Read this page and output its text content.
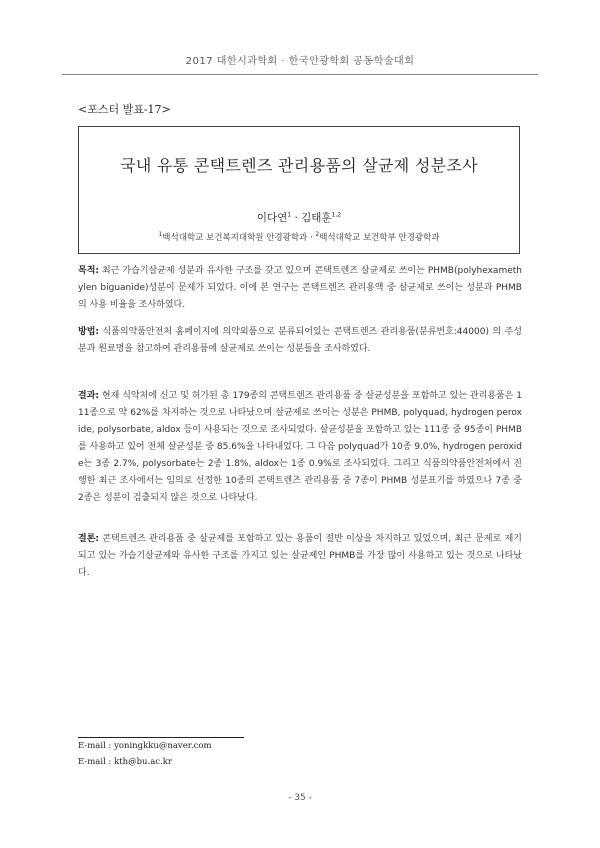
2017 대한시과학회 · 한국안광학회 공동학술대회
<포스터 발표-17>
국내 유통 콘택트렌즈 관리용품의 살균제 성분조사
이다연$^1$ · 김태훈$^{1,2}$
$^1$백석대학교 보건복지대학원 안경광학과 · $^2$백석대학교 보건학부 안경광학과

목적: 최근 가습기살균제 성분과 유사한 구조를 갖고 있으며 콘택트렌즈 살균제로 쓰이는 PHMB(polyhexamethylen biguanide)성분이 문제가 되었다. 이에 본 연구는 콘택트렌즈 관리용액 중 살균제로 쓰이는 성분과 PHMB의 사용 비율을 조사하였다.

방법: 식품의약품안전처 홈페이지에 의약외품으로 분류되어있는 콘택트렌즈 관리용품(분류번호:44000) 의 주성분과 원료명을 참고하여 관리용품에 살균제로 쓰이는 성분들을 조사하였다.

결과: 현재 식약처에 신고 및 허가된 총 179종의 콘택트렌즈 관리용품 중 살균성분을 포함하고 있는 관리용품은 111종으로 약 62%를 차지하는 것으로 나타났으며 살균제로 쓰이는 성분은 PHMB, polyquad, hydrogen peroxide, polysorbate, aldox 등이 사용되는 것으로 조사되었다. 살균성분을 포함하고 있는 111종 중 95종이 PHMB를 사용하고 있어 전체 살균성분 중 85.6%을 나타내었다. 그 다음 polyquad가 10종 9.0%, hydrogen peroxide는 3종 2.7%, polysorbate는 2종 1.8%, aldox는 1종 0.9%로 조사되었다. 그리고 식품의약품안전처에서 진행한 최근 조사에서는 임의로 선정한 10종의 콘택트렌즈 관리용품 중 7종이 PHMB 성분표기를 하였으나 7종 중 2종은 성분이 검출되지 않은 것으로 나타났다.

결론: 콘택트렌즈 관리용품 중 살균제를 포함하고 있는 용품이 절반 이상을 차지하고 있었으며, 최근 문제로 제기되고 있는 가습기살균제와 유사한 구조를 가지고 있는 살균제인 PHMB를 가장 많이 사용하고 있는 것으로 나타났다.

E-mail : yoningkku@naver.com
E-mail : kth@bu.ac.kr
- 35 -
